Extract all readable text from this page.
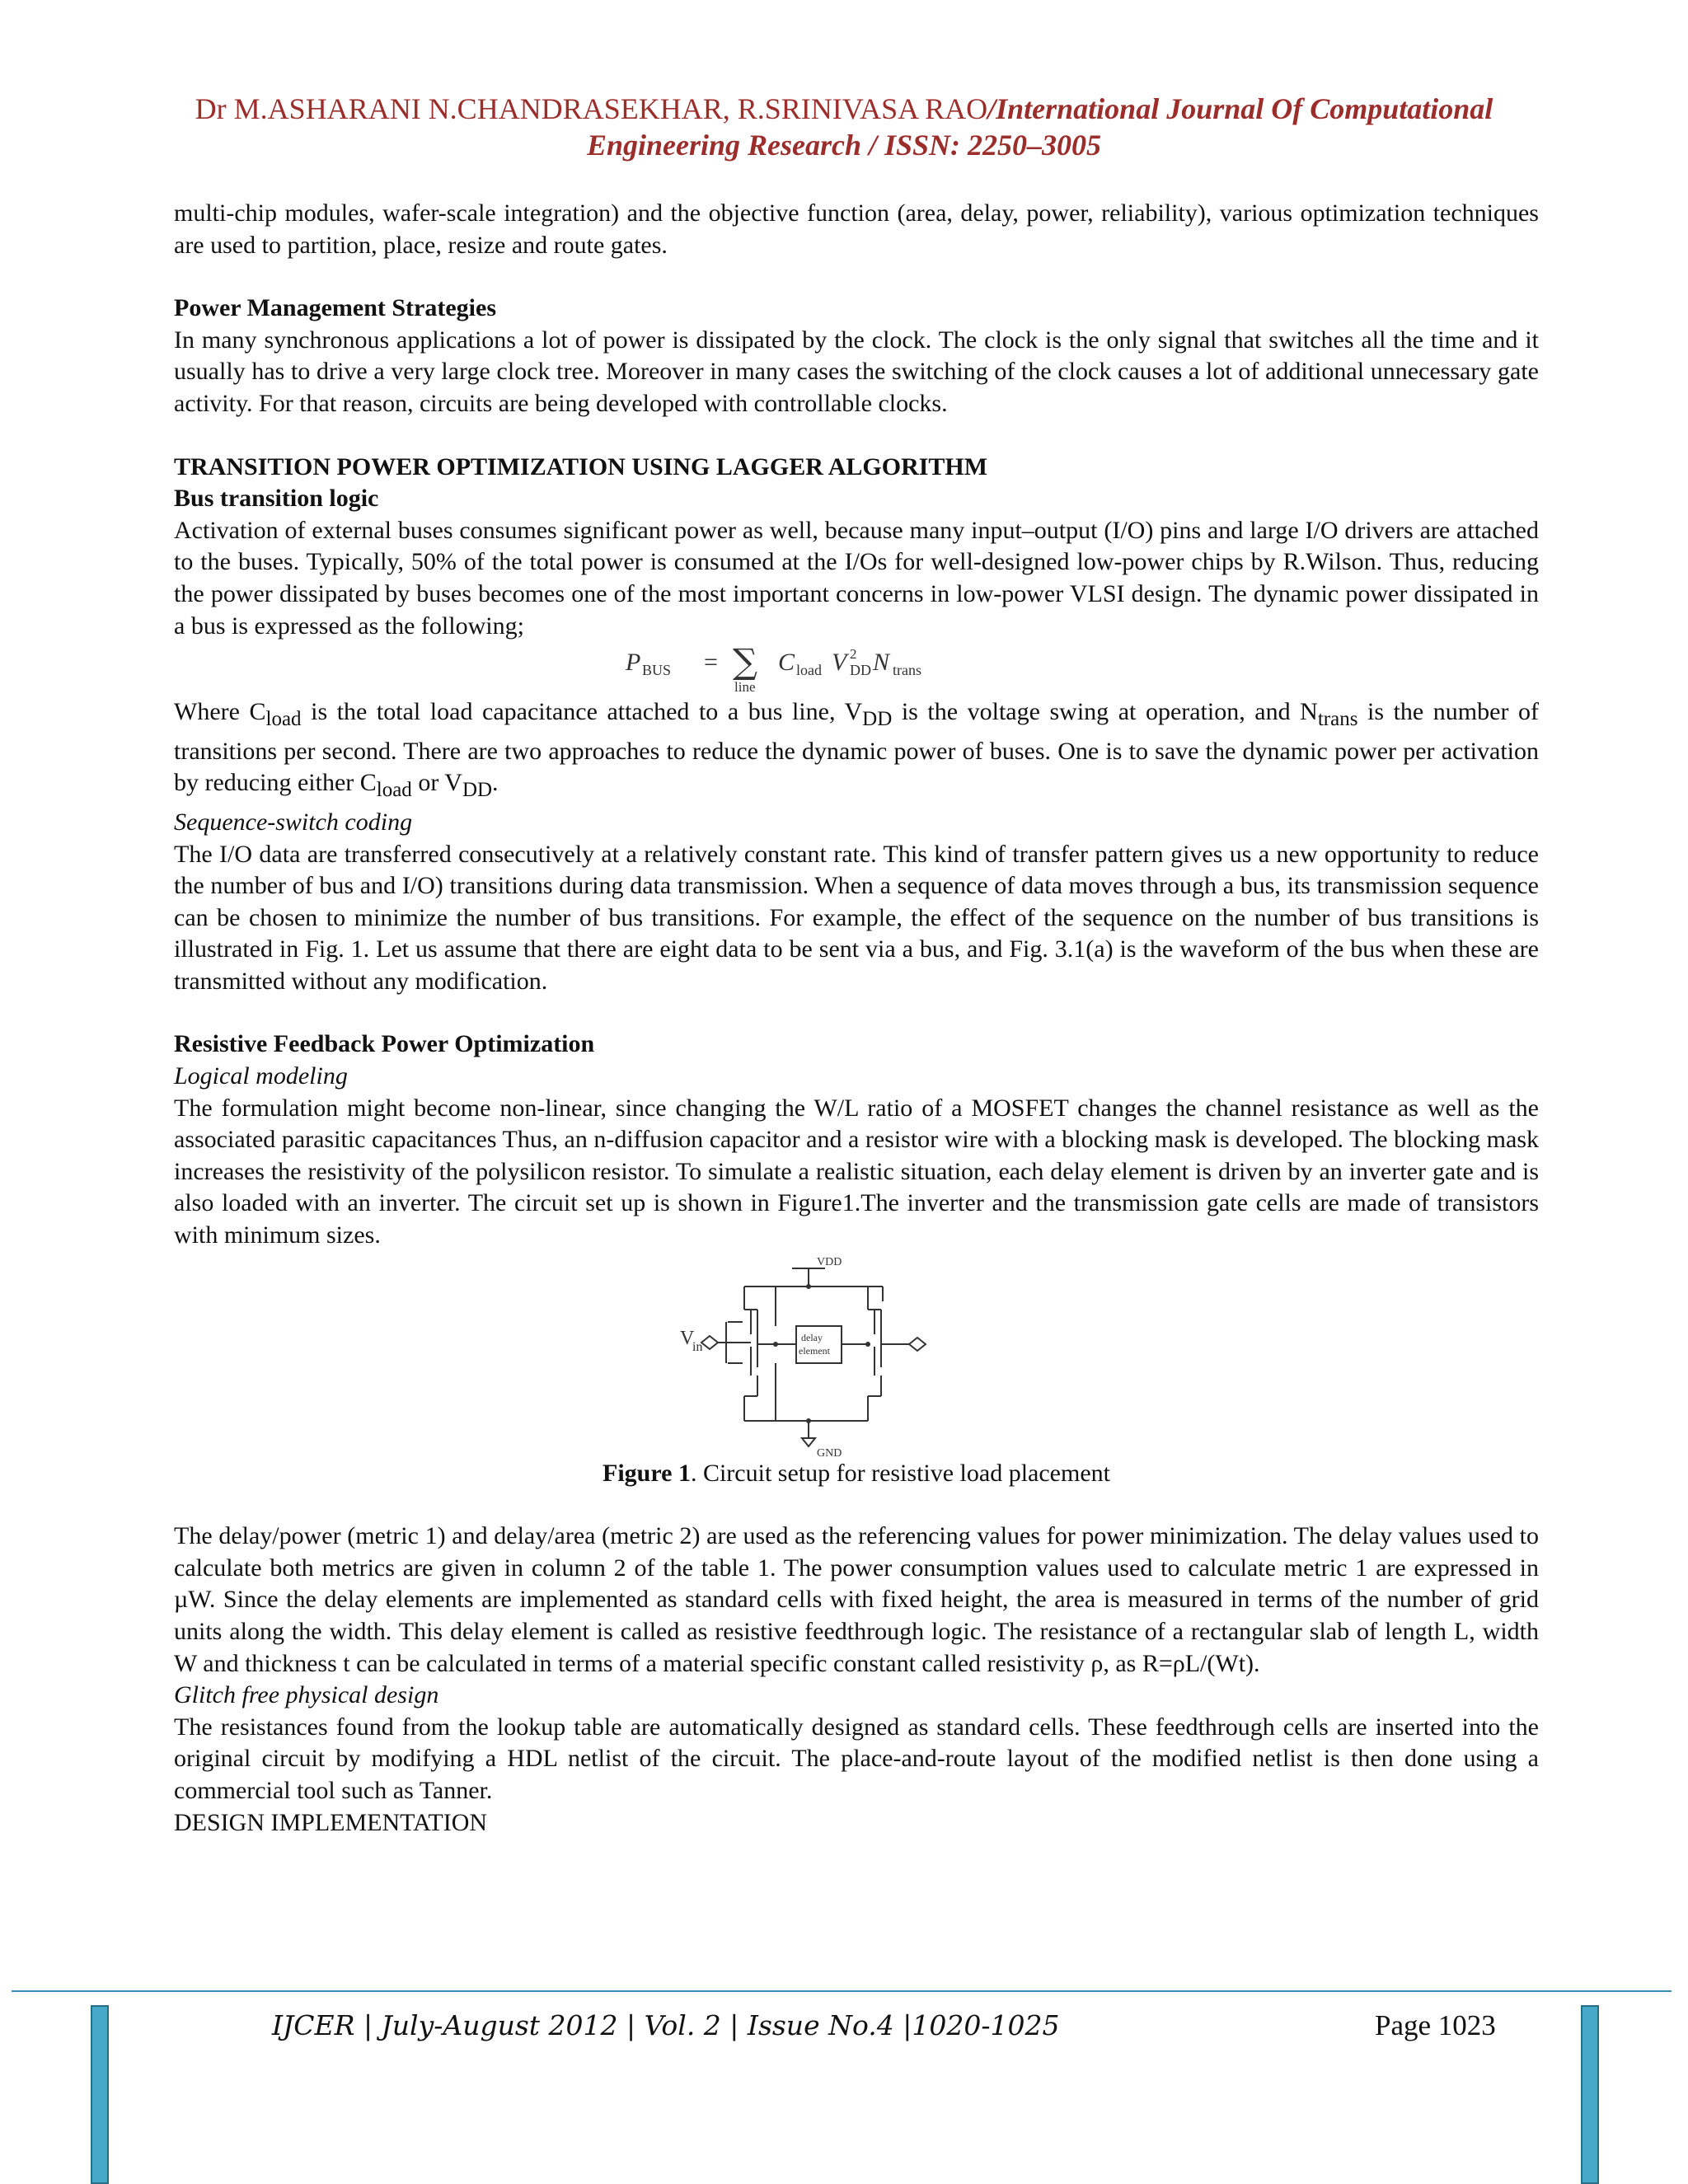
Dr M.ASHARANI N.CHANDRASEKHAR, R.SRINIVASA RAO/International Journal Of Computational
Engineering Research / ISSN: 2250–3005

multi-chip modules, wafer-scale integration) and the objective function (area, delay, power, reliability), various optimization techniques are used to partition, place, resize and route gates.

Power Management Strategies

In many synchronous applications a lot of power is dissipated by the clock. The clock is the only signal that switches all the time and it usually has to drive a very large clock tree. Moreover in many cases the switching of the clock causes a lot of additional unnecessary gate activity. For that reason, circuits are being developed with controllable clocks.

TRANSITION POWER OPTIMIZATION USING LAGGER ALGORITHM

Bus transition logic

Activation of external buses consumes significant power as well, because many input–output (I/O) pins and large I/O drivers are attached to the buses. Typically, 50% of the total power is consumed at the I/Os for well-designed low-power chips by R.Wilson. Thus, reducing the power dissipated by buses becomes one of the most important concerns in low-power VLSI design. The dynamic power dissipated in a bus is expressed as the following;

P BUS = ∑
line
C load V 2
DD N trans

Where $C_{load}$ is the total load capacitance attached to a bus line, $V_{DD}$ is the voltage swing at operation, and $N_{trans}$ is the number of transitions per second. There are two approaches to reduce the dynamic power of buses. One is to save the dynamic power per activation by reducing either $C_{load}$ or $V_{DD}$.

Sequence-switch coding

The I/O data are transferred consecutively at a relatively constant rate. This kind of transfer pattern gives us a new opportunity to reduce the number of bus and I/O) transitions during data transmission. When a sequence of data moves through a bus, its transmission sequence can be chosen to minimize the number of bus transitions. For example, the effect of the sequence on the number of bus transitions is illustrated in Fig. 1. Let us assume that there are eight data to be sent via a bus, and Fig. 3.1(a) is the waveform of the bus when these are transmitted without any modification.

Resistive Feedback Power Optimization

Logical modeling

The formulation might become non-linear, since changing the W/L ratio of a MOSFET changes the channel resistance as well as the associated parasitic capacitances Thus, an n-diffusion capacitor and a resistor wire with a blocking mask is developed. The blocking mask increases the resistivity of the polysilicon resistor. To simulate a realistic situation, each delay element is driven by an inverter gate and is also loaded with an inverter. The circuit set up is shown in Figure1.The inverter and the transmission gate cells are made of transistors with minimum sizes.

VDD
GND
V
in
delay
element

Figure 1. Circuit setup for resistive load placement

The delay/power (metric 1) and delay/area (metric 2) are used as the referencing values for power minimization. The delay values used to calculate both metrics are given in column 2 of the table 1. The power consumption values used to calculate metric 1 are expressed in µW. Since the delay elements are implemented as standard cells with fixed height, the area is measured in terms of the number of grid units along the width. This delay element is called as resistive feedthrough logic. The resistance of a rectangular slab of length L, width W and thickness t can be calculated in terms of a material specific constant called resistivity ρ, as R=ρL/(Wt).

Glitch free physical design

The resistances found from the lookup table are automatically designed as standard cells. These feedthrough cells are inserted into the original circuit by modifying a HDL netlist of the circuit. The place-and-route layout of the modified netlist is then done using a commercial tool such as Tanner.

DESIGN IMPLEMENTATION

IJCER | July-August 2012 | Vol. 2 | Issue No.4 |1020-1025	Page 1023
